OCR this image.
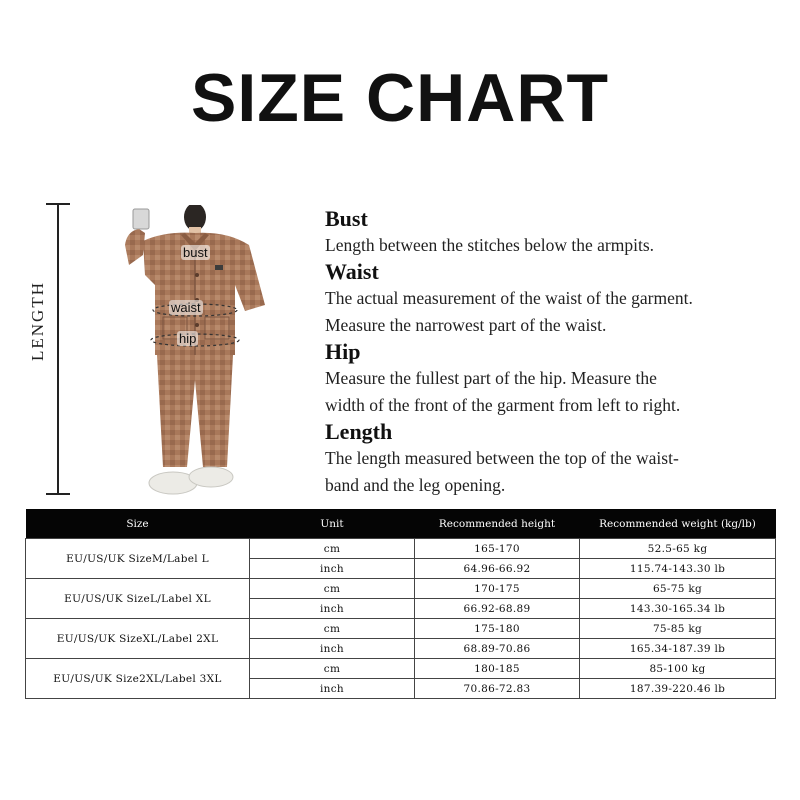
SIZE CHART
LENGTH
bust
waist
hip
Bust
Length between the stitches below the armpits.
Waist
The actual measurement of the waist of the garment.
Measure the narrowest part of the waist.
Hip
Measure the fullest part of the hip. Measure the
width of the front of the garment from left to right.
Length
The length measured between the top of the waist-
band and the leg opening.
Size	Unit	Recommended height	Recommended weight (kg/lb)
EU/US/UK SizeM/Label L	cm	165-170	52.5-65 kg
	inch	64.96-66.92	115.74-143.30 lb
EU/US/UK SizeL/Label XL	cm	170-175	65-75 kg
	inch	66.92-68.89	143.30-165.34 lb
EU/US/UK SizeXL/Label 2XL	cm	175-180	75-85 kg
	inch	68.89-70.86	165.34-187.39 lb
EU/US/UK Size2XL/Label 3XL	cm	180-185	85-100 kg
	inch	70.86-72.83	187.39-220.46 lb
